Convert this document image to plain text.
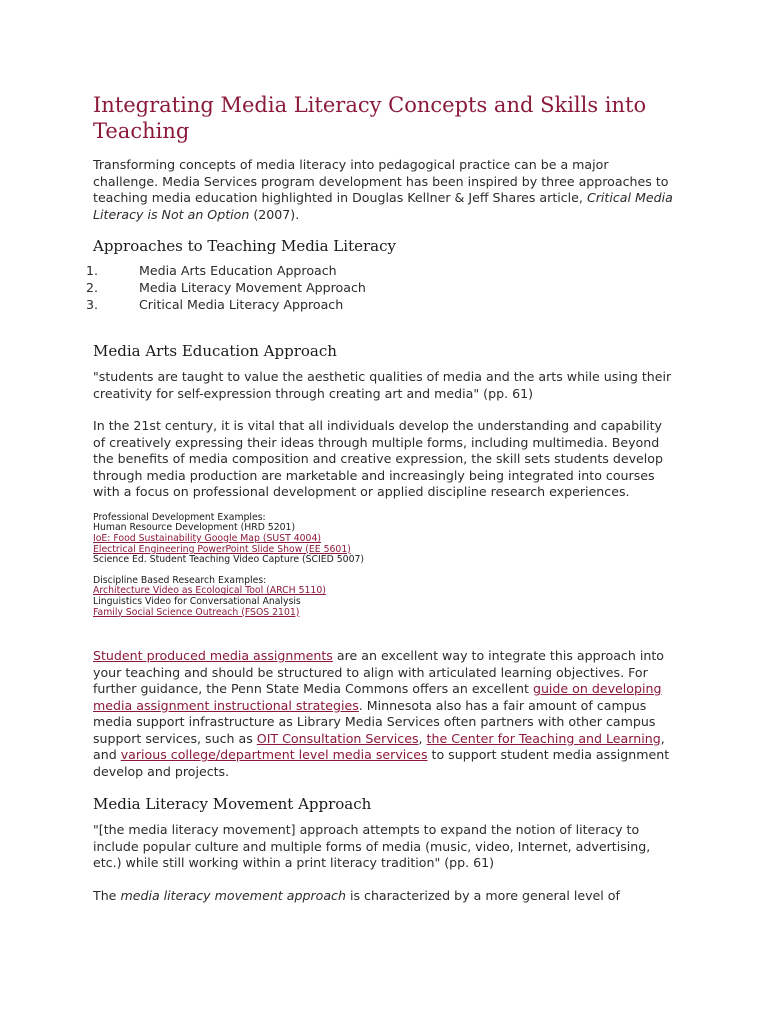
Integrating Media Literacy Concepts and Skills into Teaching

Transforming concepts of media literacy into pedagogical practice can be a major challenge. Media Services program development has been inspired by three approaches to teaching media education highlighted in Douglas Kellner & Jeff Shares article, Critical Media Literacy is Not an Option (2007).

Approaches to Teaching Media Literacy
1.	Media Arts Education Approach
2.	Media Literacy Movement Approach
3.	Critical Media Literacy Approach
Media Arts Education Approach

"students are taught to value the aesthetic qualities of media and the arts while using their creativity for self-expression through creating art and media" (pp. 61)

In the 21st century, it is vital that all individuals develop the understanding and capability of creatively expressing their ideas through multiple forms, including multimedia. Beyond the benefits of media composition and creative expression, the skill sets students develop through media production are marketable and increasingly being integrated into courses with a focus on professional development or applied discipline research experiences.

Professional Development Examples:
Human Resource Development (HRD 5201)
IoE: Food Sustainability Google Map (SUST 4004)
Electrical Engineering PowerPoint Slide Show (EE 5601)
Science Ed. Student Teaching Video Capture (SCIED 5007)
Discipline Based Research Examples:
Architecture Video as Ecological Tool (ARCH 5110)
Linguistics Video for Conversational Analysis
Family Social Science Outreach (FSOS 2101)

Student produced media assignments are an excellent way to integrate this approach into your teaching and should be structured to align with articulated learning objectives. For further guidance, the Penn State Media Commons offers an excellent guide on developing media assignment instructional strategies. Minnesota also has a fair amount of campus media support infrastructure as Library Media Services often partners with other campus support services, such as OIT Consultation Services, the Center for Teaching and Learning, and various college/department level media services to support student media assignment develop and projects.

Media Literacy Movement Approach

"[the media literacy movement] approach attempts to expand the notion of literacy to include popular culture and multiple forms of media (music, video, Internet, advertising, etc.) while still working within a print literacy tradition" (pp. 61)

The media literacy movement approach is characterized by a more general level of
